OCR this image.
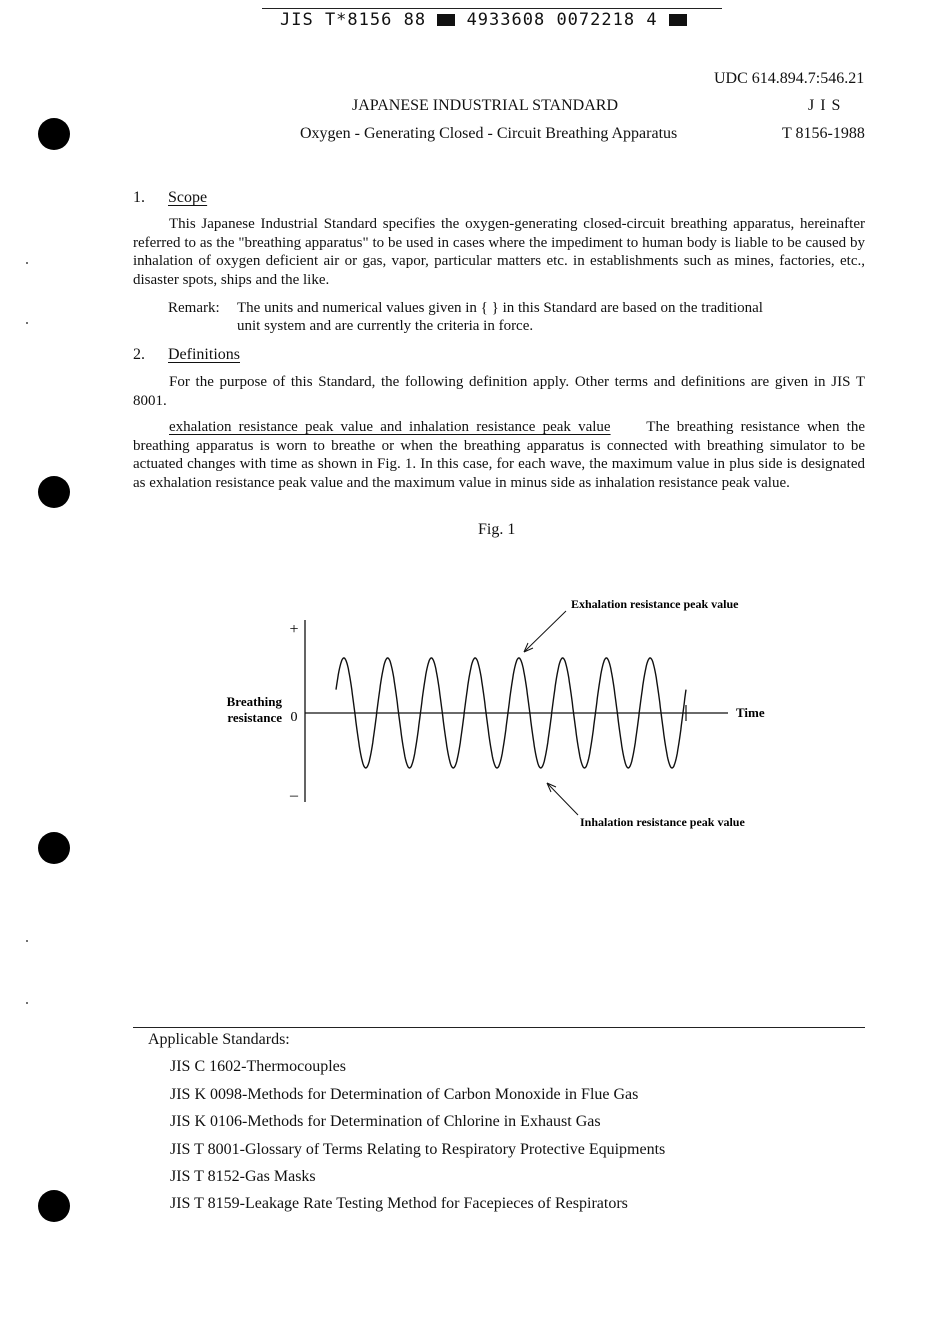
JIS T*8156 88 4933608 0072218 4
UDC 614.894.7:546.21
JAPANESE INDUSTRIAL STANDARD	J I S
Oxygen - Generating Closed - Circuit Breathing Apparatus	T 8156-1988
1. Scope
This Japanese Industrial Standard specifies the oxygen-generating closed-circuit breathing apparatus, hereinafter referred to as the "breathing apparatus" to be used in cases where the impediment to human body is liable to be caused by inhalation of oxygen deficient air or gas, vapor, particular matters etc. in establishments such as mines, factories, etc., disaster spots, ships and the like.
Remark: The units and numerical values given in { } in this Standard are based on the traditional
unit system and are currently the criteria in force.
2. Definitions
For the purpose of this Standard, the following definition apply. Other terms and definitions are given in JIS T 8001.
exhalation resistance peak value and inhalation resistance peak value The breathing resistance when the breathing apparatus is worn to breathe or when the breathing apparatus is connected with breathing simulator to be actuated changes with time as shown in Fig. 1. In this case, for each wave, the maximum value in plus side is designated as exhalation resistance peak value and the maximum value in minus side as inhalation resistance peak value.
Fig. 1
+
–
0
Breathing
resistance	Time
Exhalation resistance peak value
Inhalation resistance peak value
Applicable Standards:
JIS C 1602-Thermocouples
JIS K 0098-Methods for Determination of Carbon Monoxide in Flue Gas
JIS K 0106-Methods for Determination of Chlorine in Exhaust Gas
JIS T 8001-Glossary of Terms Relating to Respiratory Protective Equipments
JIS T 8152-Gas Masks
JIS T 8159-Leakage Rate Testing Method for Facepieces of Respirators
